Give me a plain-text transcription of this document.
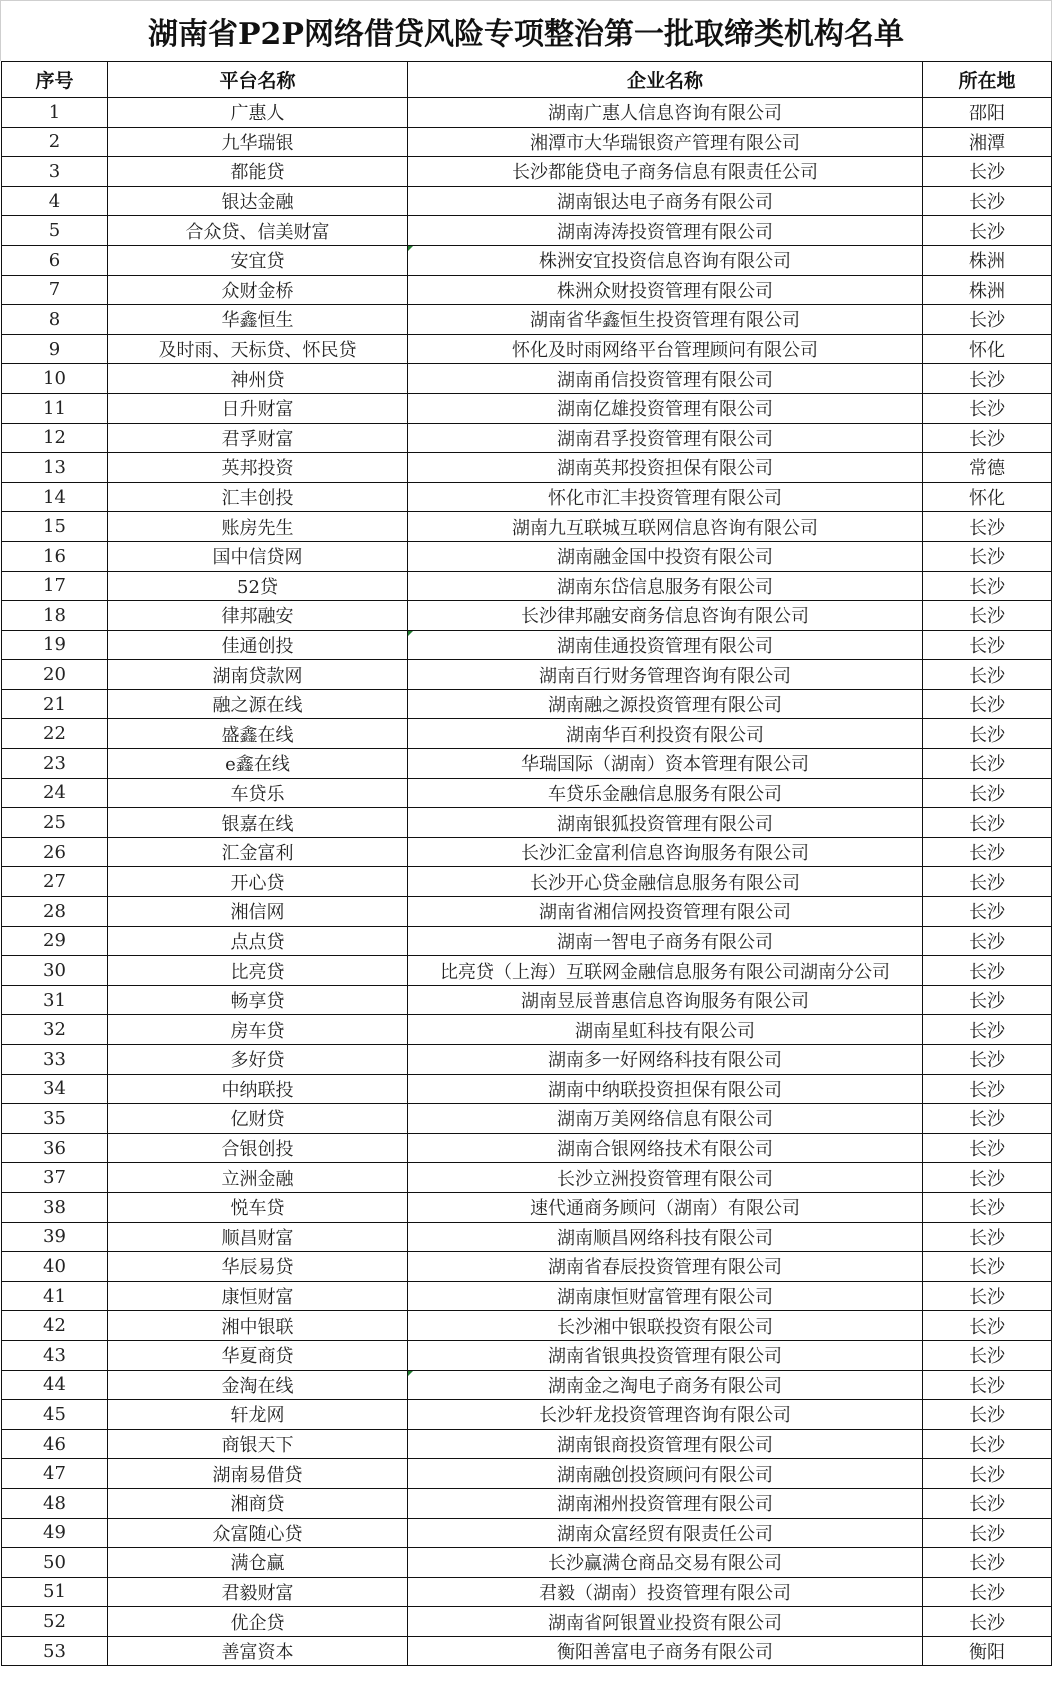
湖南省P2P网络借贷风险专项整治第一批取缔类机构名单
序号	平台名称	企业名称	所在地
1	广惠人	湖南广惠人信息咨询有限公司	邵阳
2	九华瑞银	湘潭市大华瑞银资产管理有限公司	湘潭
3	都能贷	长沙都能贷电子商务信息有限责任公司	长沙
4	银达金融	湖南银达电子商务有限公司	长沙
5	合众贷、信美财富	湖南涛涛投资管理有限公司	长沙
6	安宜贷	株洲安宜投资信息咨询有限公司	株洲
7	众财金桥	株洲众财投资管理有限公司	株洲
8	华鑫恒生	湖南省华鑫恒生投资管理有限公司	长沙
9	及时雨、天标贷、怀民贷	怀化及时雨网络平台管理顾问有限公司	怀化
10	神州贷	湖南甬信投资管理有限公司	长沙
11	日升财富	湖南亿雄投资管理有限公司	长沙
12	君孚财富	湖南君孚投资管理有限公司	长沙
13	英邦投资	湖南英邦投资担保有限公司	常德
14	汇丰创投	怀化市汇丰投资管理有限公司	怀化
15	账房先生	湖南九互联城互联网信息咨询有限公司	长沙
16	国中信贷网	湖南融金国中投资有限公司	长沙
17	52贷	湖南东岱信息服务有限公司	长沙
18	律邦融安	长沙律邦融安商务信息咨询有限公司	长沙
19	佳通创投	湖南佳通投资管理有限公司	长沙
20	湖南贷款网	湖南百行财务管理咨询有限公司	长沙
21	融之源在线	湖南融之源投资管理有限公司	长沙
22	盛鑫在线	湖南华百利投资有限公司	长沙
23	e鑫在线	华瑞国际（湖南）资本管理有限公司	长沙
24	车贷乐	车贷乐金融信息服务有限公司	长沙
25	银嘉在线	湖南银狐投资管理有限公司	长沙
26	汇金富利	长沙汇金富利信息咨询服务有限公司	长沙
27	开心贷	长沙开心贷金融信息服务有限公司	长沙
28	湘信网	湖南省湘信网投资管理有限公司	长沙
29	点点贷	湖南一智电子商务有限公司	长沙
30	比亮贷	比亮贷（上海）互联网金融信息服务有限公司湖南分公司	长沙
31	畅享贷	湖南昱辰普惠信息咨询服务有限公司	长沙
32	房车贷	湖南星虹科技有限公司	长沙
33	多好贷	湖南多一好网络科技有限公司	长沙
34	中纳联投	湖南中纳联投资担保有限公司	长沙
35	亿财贷	湖南万美网络信息有限公司	长沙
36	合银创投	湖南合银网络技术有限公司	长沙
37	立洲金融	长沙立洲投资管理有限公司	长沙
38	悦车贷	速代通商务顾问（湖南）有限公司	长沙
39	顺昌财富	湖南顺昌网络科技有限公司	长沙
40	华辰易贷	湖南省春辰投资管理有限公司	长沙
41	康恒财富	湖南康恒财富管理有限公司	长沙
42	湘中银联	长沙湘中银联投资有限公司	长沙
43	华夏商贷	湖南省银典投资管理有限公司	长沙
44	金淘在线	湖南金之淘电子商务有限公司	长沙
45	轩龙网	长沙轩龙投资管理咨询有限公司	长沙
46	商银天下	湖南银商投资管理有限公司	长沙
47	湖南易借贷	湖南融创投资顾问有限公司	长沙
48	湘商贷	湖南湘州投资管理有限公司	长沙
49	众富随心贷	湖南众富经贸有限责任公司	长沙
50	满仓赢	长沙赢满仓商品交易有限公司	长沙
51	君毅财富	君毅（湖南）投资管理有限公司	长沙
52	优企贷	湖南省阿银置业投资有限公司	长沙
53	善富资本	衡阳善富电子商务有限公司	衡阳
